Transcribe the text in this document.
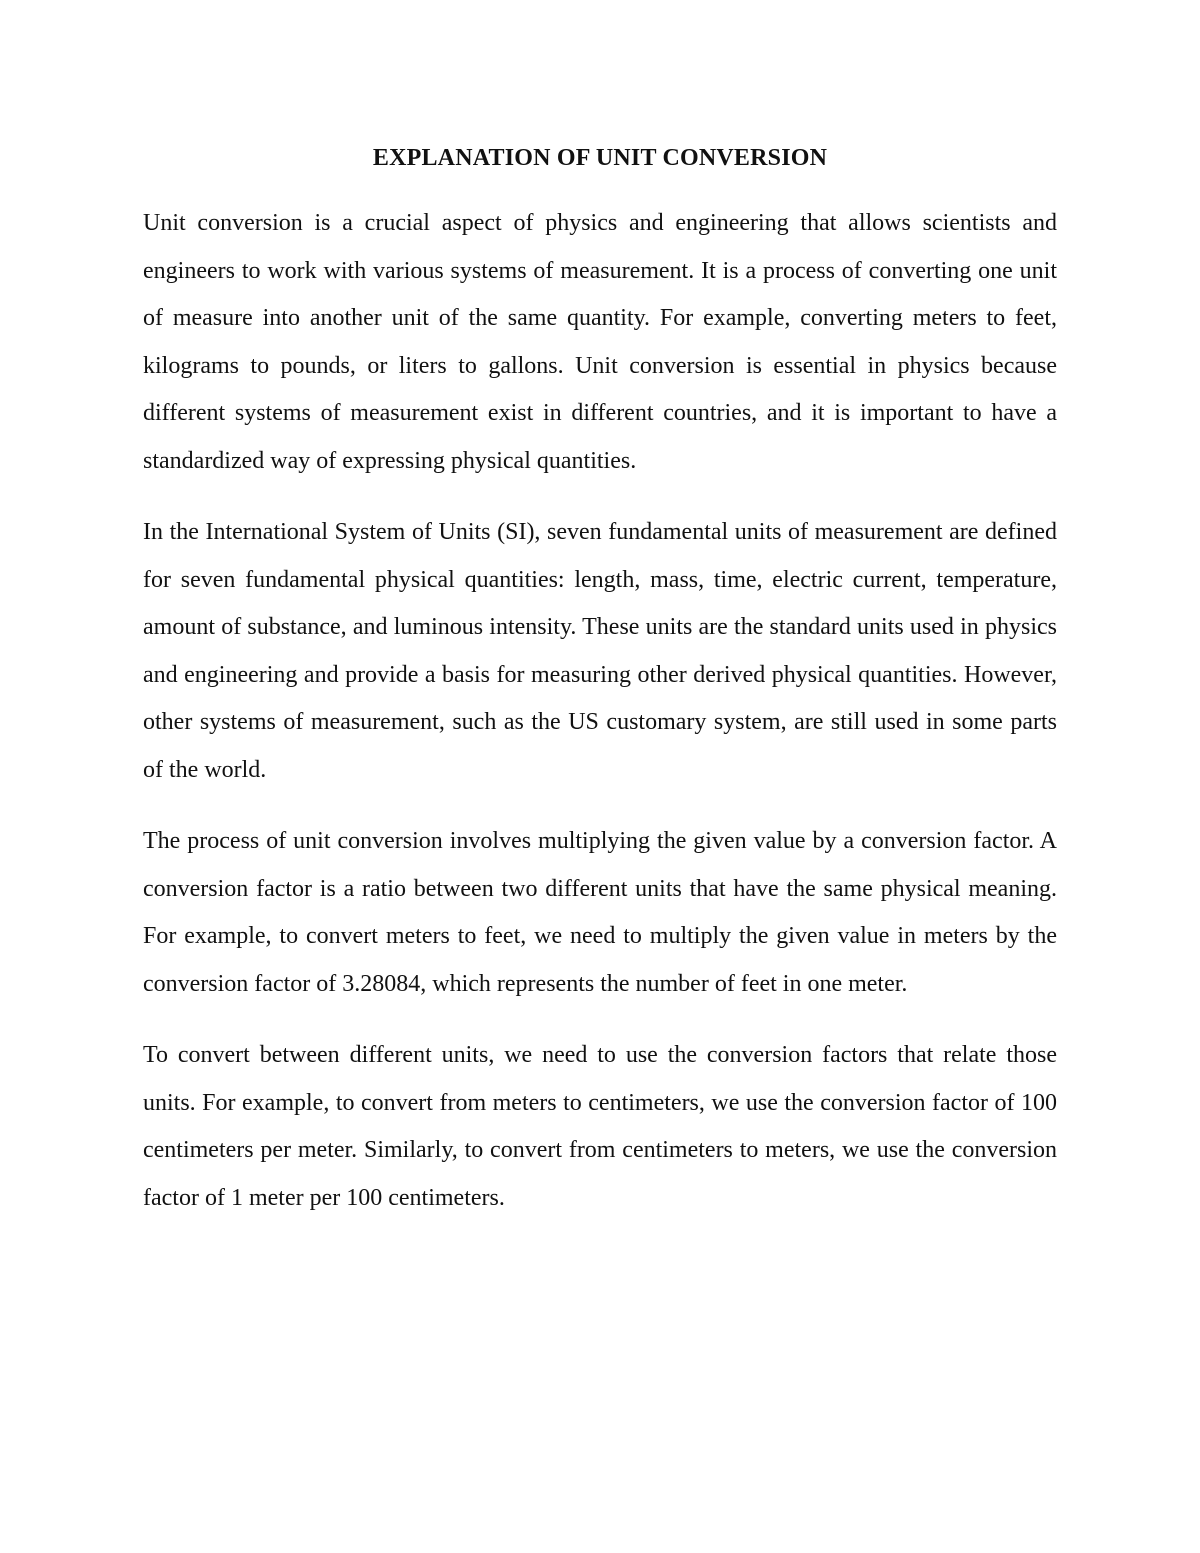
EXPLANATION OF UNIT CONVERSION

Unit conversion is a crucial aspect of physics and engineering that allows scientists and engineers to work with various systems of measurement. It is a process of converting one unit of measure into another unit of the same quantity. For example, converting meters to feet, kilograms to pounds, or liters to gallons. Unit conversion is essential in physics because different systems of measurement exist in different countries, and it is important to have a standardized way of expressing physical quantities.

In the International System of Units (SI), seven fundamental units of measurement are defined for seven fundamental physical quantities: length, mass, time, electric current, temperature, amount of substance, and luminous intensity. These units are the standard units used in physics and engineering and provide a basis for measuring other derived physical quantities. However, other systems of measurement, such as the US customary system, are still used in some parts of the world.

The process of unit conversion involves multiplying the given value by a conversion factor. A conversion factor is a ratio between two different units that have the same physical meaning. For example, to convert meters to feet, we need to multiply the given value in meters by the conversion factor of 3.28084, which represents the number of feet in one meter.

To convert between different units, we need to use the conversion factors that relate those units. For example, to convert from meters to centimeters, we use the conversion factor of 100 centimeters per meter. Similarly, to convert from centimeters to meters, we use the conversion factor of 1 meter per 100 centimeters.
